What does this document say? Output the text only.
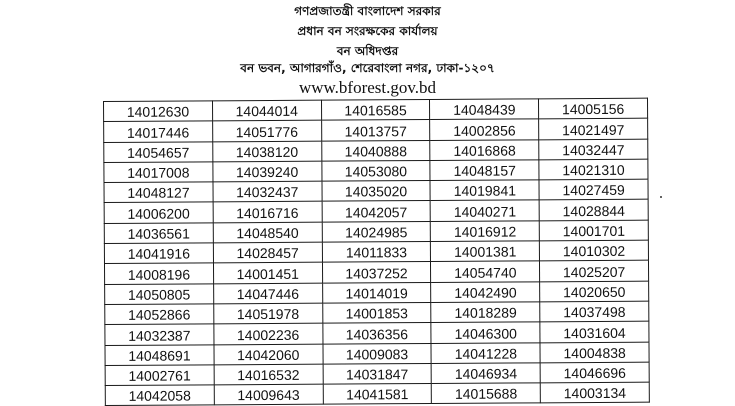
গণপ্রজাতন্ত্রী বাংলাদেশ সরকার
প্রধান বন সংরক্ষকের কার্যালয়
বন অধিদপ্তর
বন ভবন, আগারগাঁও, শেরেবাংলা নগর, ঢাকা-১২০৭
www.bforest.gov.bd
14012630	14044014	14016585	14048439	14005156
14017446	14051776	14013757	14002856	14021497
14054657	14038120	14040888	14016868	14032447
14017008	14039240	14053080	14048157	14021310
14048127	14032437	14035020	14019841	14027459
14006200	14016716	14042057	14040271	14028844
14036561	14048540	14024985	14016912	14001701
14041916	14028457	14011833	14001381	14010302
14008196	14001451	14037252	14054740	14025207
14050805	14047446	14014019	14042490	14020650
14052866	14051978	14001853	14018289	14037498
14032387	14002236	14036356	14046300	14031604
14048691	14042060	14009083	14041228	14004838
14002761	14016532	14031847	14046934	14046696
14042058	14009643	14041581	14015688	14003134
